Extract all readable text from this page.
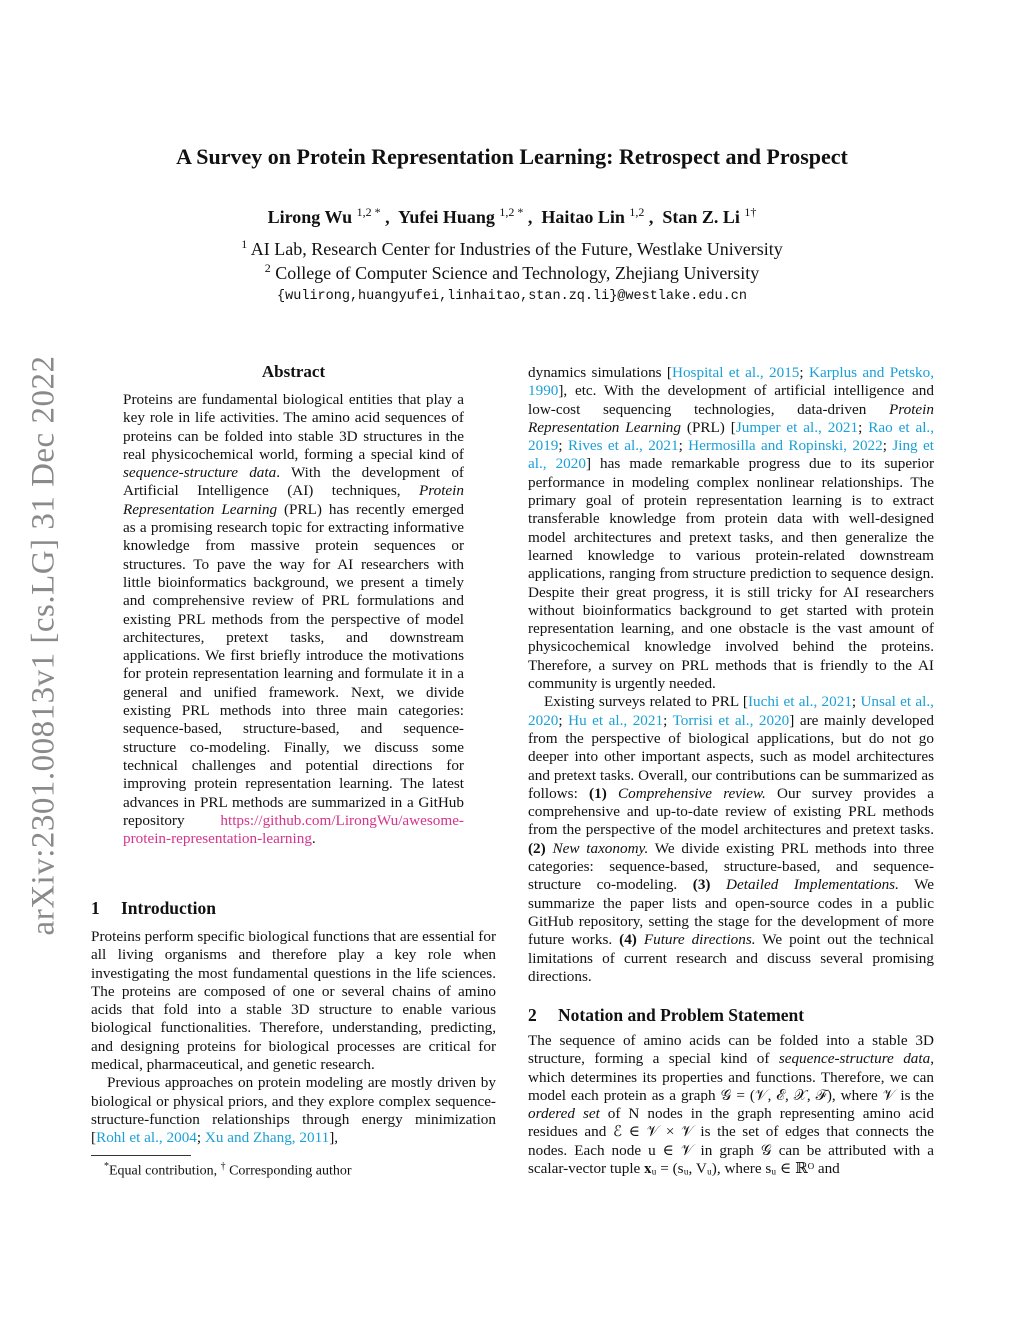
arXiv:2301.00813v1 [cs.LG] 31 Dec 2022
A Survey on Protein Representation Learning: Retrospect and Prospect
Lirong Wu $^{1,2 *}$ ,  Yufei Huang $^{1,2 *}$ ,  Haitao Lin $^{1,2}$ ,  Stan Z. Li $^{1\dagger}$
$^1$ AI Lab, Research Center for Industries of the Future, Westlake University
$^2$ College of Computer Science and Technology, Zhejiang University
{wulirong,huangyufei,linhaitao,stan.zq.li}@westlake.edu.cn
Abstract
Proteins are fundamental biological entities that play a key role in life activities. The amino acid sequences of proteins can be folded into stable 3D structures in the real physicochemical world, forming a special kind of sequence-structure data. With the development of Artificial Intelligence (AI) techniques, Protein Representation Learning (PRL) has recently emerged as a promising research topic for extracting informative knowledge from massive protein sequences or structures. To pave the way for AI researchers with little bioinformatics background, we present a timely and comprehensive review of PRL formulations and existing PRL methods from the perspective of model architectures, pretext tasks, and downstream applications. We first briefly introduce the motivations for protein representation learning and formulate it in a general and unified framework. Next, we divide existing PRL methods into three main categories: sequence-based, structure-based, and sequence-structure co-modeling. Finally, we discuss some technical challenges and potential directions for improving protein representation learning. The latest advances in PRL methods are summarized in a GitHub repository https://github.com/LirongWu/awesome-protein-representation-learning.
1 Introduction

Proteins perform specific biological functions that are essential for all living organisms and therefore play a key role when investigating the most fundamental questions in the life sciences. The proteins are composed of one or several chains of amino acids that fold into a stable 3D structure to enable various biological functionalities. Therefore, understanding, predicting, and designing proteins for biological processes are critical for medical, pharmaceutical, and genetic research.

Previous approaches on protein modeling are mostly driven by biological or physical priors, and they explore complex sequence-structure-function relationships through energy minimization [Rohl et al., 2004; Xu and Zhang, 2011],

*Equal contribution, † Corresponding author

dynamics simulations [Hospital et al., 2015; Karplus and Petsko, 1990], etc. With the development of artificial intelligence and low-cost sequencing technologies, data-driven Protein Representation Learning (PRL) [Jumper et al., 2021; Rao et al., 2019; Rives et al., 2021; Hermosilla and Ropinski, 2022; Jing et al., 2020] has made remarkable progress due to its superior performance in modeling complex nonlinear relationships. The primary goal of protein representation learning is to extract transferable knowledge from protein data with well-designed model architectures and pretext tasks, and then generalize the learned knowledge to various protein-related downstream applications, ranging from structure prediction to sequence design. Despite their great progress, it is still tricky for AI researchers without bioinformatics background to get started with protein representation learning, and one obstacle is the vast amount of physicochemical knowledge involved behind the proteins. Therefore, a survey on PRL methods that is friendly to the AI community is urgently needed.

Existing surveys related to PRL [Iuchi et al., 2021; Unsal et al., 2020; Hu et al., 2021; Torrisi et al., 2020] are mainly developed from the perspective of biological applications, but do not go deeper into other important aspects, such as model architectures and pretext tasks. Overall, our contributions can be summarized as follows: (1) Comprehensive review. Our survey provides a comprehensive and up-to-date review of existing PRL methods from the perspective of the model architectures and pretext tasks. (2) New taxonomy. We divide existing PRL methods into three categories: sequence-based, structure-based, and sequence-structure co-modeling. (3) Detailed Implementations. We summarize the paper lists and open-source codes in a public GitHub repository, setting the stage for the development of more future works. (4) Future directions. We point out the technical limitations of current research and discuss several promising directions.

2 Notation and Problem Statement

The sequence of amino acids can be folded into a stable 3D structure, forming a special kind of sequence-structure data, which determines its properties and functions. Therefore, we can model each protein as a graph 𝒢 = (𝒱, ℰ, 𝒳, ℱ), where 𝒱 is the ordered set of N nodes in the graph representing amino acid residues and ℰ ∈ 𝒱 × 𝒱 is the set of edges that connects the nodes. Each node u ∈ 𝒱 in graph 𝒢 can be attributed with a scalar-vector tuple 𝐱ᵤ = (sᵤ, Vᵤ), where sᵤ ∈ ℝᴼ and
